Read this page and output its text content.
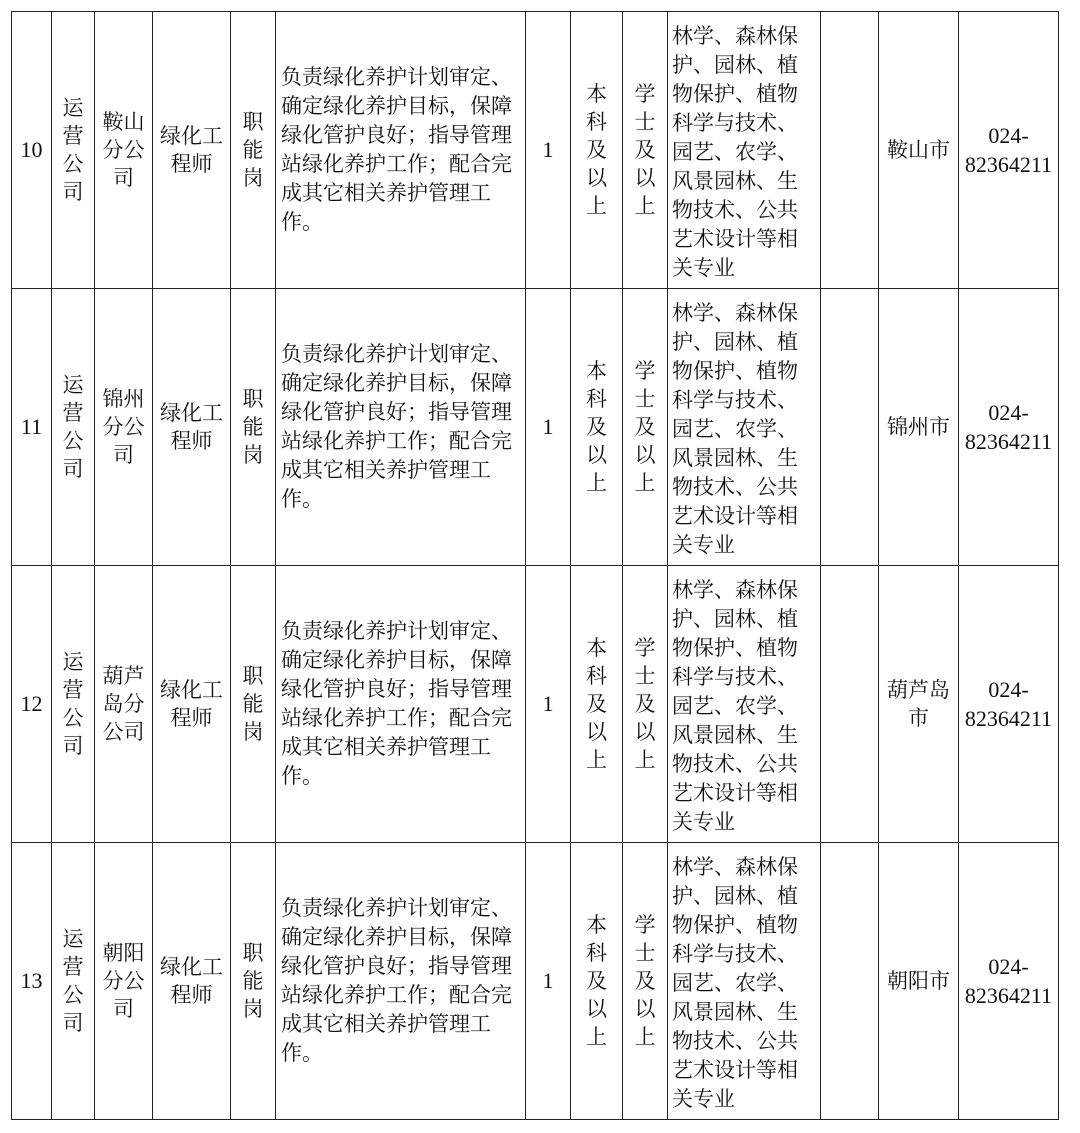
10	运
营
公
司	鞍山
分公
司	绿化工
程师	职
能
岗	负责绿化养护计划审定、确定绿化养护目标，保障绿化管护良好；指导管理站绿化养护工作；配合完成其它相关养护管理工作。	1	本
科
及
以
上	学士
及以
上	林学、森林保护、园林、植物保护、植物科学与技术、园艺、农学、风景园林、生物技术、公共艺术设计等相关专业		鞍山市	024-
82364211
11	运
营
公
司	锦州
分公
司	绿化工
程师	职
能
岗	负责绿化养护计划审定、确定绿化养护目标，保障绿化管护良好；指导管理站绿化养护工作；配合完成其它相关养护管理工作。	1	本
科
及
以
上	学士
及以
上	林学、森林保护、园林、植物保护、植物科学与技术、园艺、农学、风景园林、生物技术、公共艺术设计等相关专业		锦州市	024-
82364211
12	运
营
公
司	葫芦
岛分
公司	绿化工
程师	职
能
岗	负责绿化养护计划审定、确定绿化养护目标，保障绿化管护良好；指导管理站绿化养护工作；配合完成其它相关养护管理工作。	1	本
科
及
以
上	学士
及以
上	林学、森林保护、园林、植物保护、植物科学与技术、园艺、农学、风景园林、生物技术、公共艺术设计等相关专业		葫芦岛
市	024-
82364211
13	运
营
公
司	朝阳
分公
司	绿化工
程师	职
能
岗	负责绿化养护计划审定、确定绿化养护目标，保障绿化管护良好；指导管理站绿化养护工作；配合完成其它相关养护管理工作。	1	本
科
及
以
上	学士
及以
上	林学、森林保护、园林、植物保护、植物科学与技术、园艺、农学、风景园林、生物技术、公共艺术设计等相关专业		朝阳市	024-
82364211
